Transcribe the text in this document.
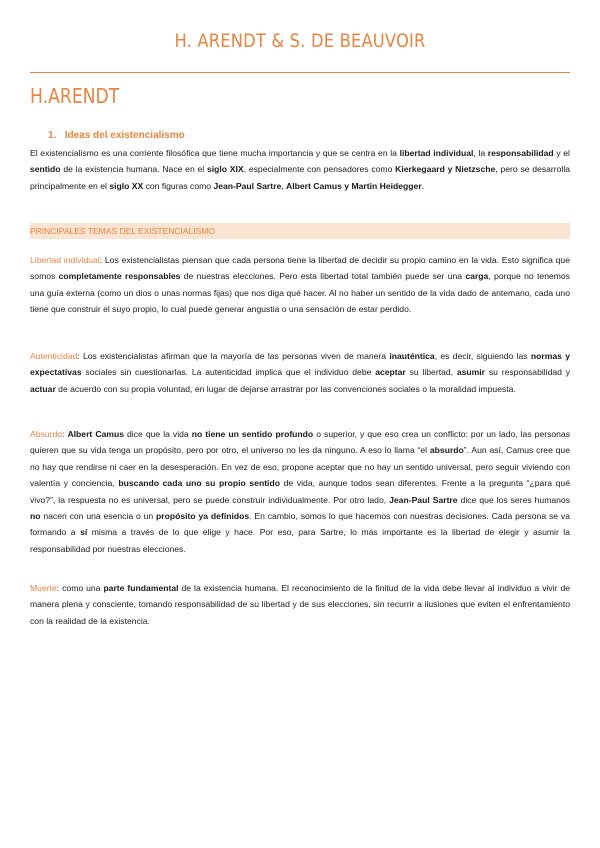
H. ARENDT & S. DE BEAUVOIR
H.ARENDT
1. Ideas del existencialismo

El existencialismo es una corriente filosófica que tiene mucha importancia y que se centra en la libertad individual, la responsabilidad y el sentido de la existencia humana. Nace en el siglo XIX, especialmente con pensadores como Kierkegaard y Nietzsche, pero se desarrolla principalmente en el siglo XX con figuras como Jean-Paul Sartre, Albert Camus y Martin Heidegger.

PRINCIPALES TEMAS DEL EXISTENCIALISMO

Libertad individual: Los existencialistas piensan que cada persona tiene la libertad de decidir su propio camino en la vida. Esto significa que somos completamente responsables de nuestras elecciones. Pero esta libertad total también puede ser una carga, porque no tenemos una guía externa (como un dios o unas normas fijas) que nos diga qué hacer. Al no haber un sentido de la vida dado de antemano, cada uno tiene que construir el suyo propio, lo cual puede generar angustia o una sensación de estar perdido.

Autenticidad: Los existencialistas afirman que la mayoría de las personas viven de manera inauténtica, es decir, siguiendo las normas y expectativas sociales sin cuestionarlas. La autenticidad implica que el individuo debe aceptar su libertad, asumir su responsabilidad y actuar de acuerdo con su propia voluntad, en lugar de dejarse arrastrar por las convenciones sociales o la moralidad impuesta.

Absurdo: Albert Camus dice que la vida no tiene un sentido profundo o superior, y que eso crea un conflicto: por un lado, las personas quieren que su vida tenga un propósito, pero por otro, el universo no les da ninguno. A eso lo llama “el absurdo”. Aun así, Camus cree que no hay que rendirse ni caer en la desesperación. En vez de eso, propone aceptar que no hay un sentido universal, pero seguir viviendo con valentía y conciencia, buscando cada uno su propio sentido de vida, aunque todos sean diferentes. Frente a la pregunta “¿para qué vivo?”, la respuesta no es universal, pero se puede construir individualmente. Por otro lado, Jean-Paul Sartre dice que los seres humanos no nacen con una esencia o un propósito ya definidos. En cambio, somos lo que hacemos con nuestras decisiones. Cada persona se va formando a sí misma a través de lo que elige y hace. Por eso, para Sartre, lo más importante es la libertad de elegir y asumir la responsabilidad por nuestras elecciones.

Muerte: como una parte fundamental de la existencia humana. El reconocimiento de la finitud de la vida debe llevar al individuo a vivir de manera plena y consciente, tomando responsabilidad de su libertad y de sus elecciones, sin recurrir a ilusiones que eviten el enfrentamiento con la realidad de la existencia.
